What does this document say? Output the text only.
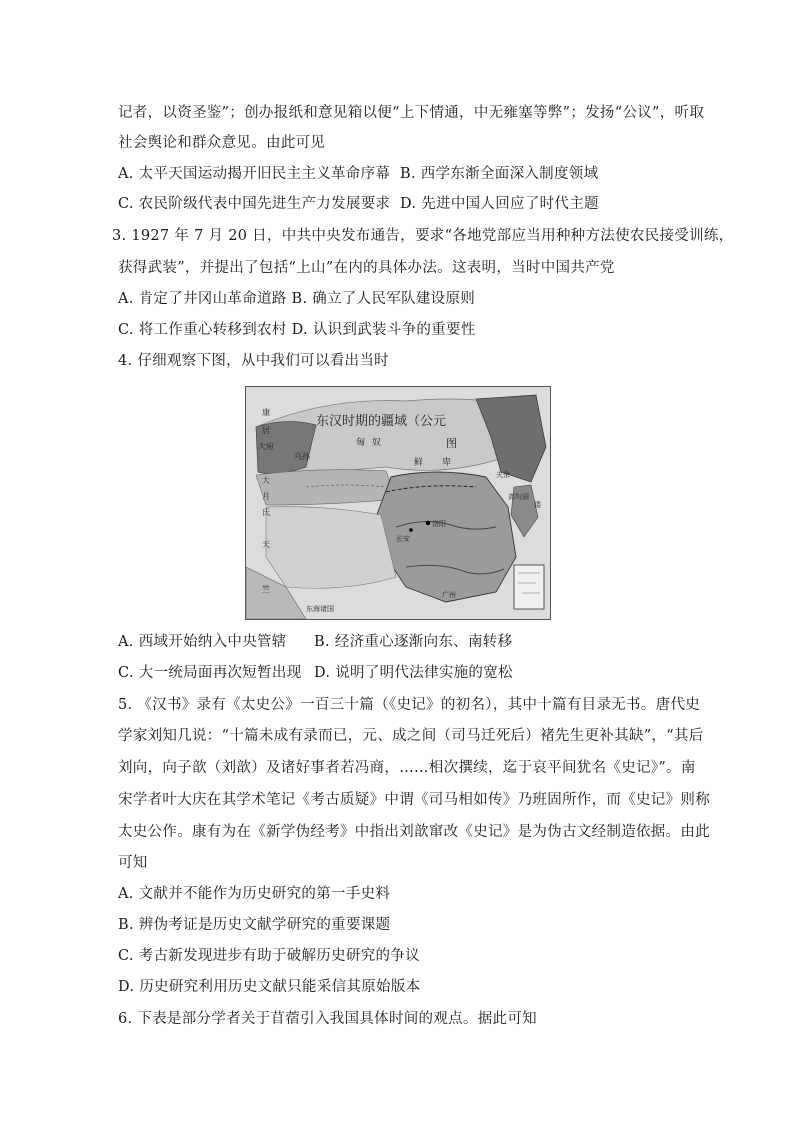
记者，以资圣鉴”；创办报纸和意见箱以便“上下情通，中无雍塞等弊”；发扬“公议”，听取
社会舆论和群众意见。由此可见
A. 太平天国运动揭开旧民主主义革命序幕 B. 西学东渐全面深入制度领域
C. 农民阶级代表中国先进生产力发展要求 D. 先进中国人回应了时代主题
3. 1927 年 7 月 20 日，中共中央发布通告，要求“各地党部应当用种种方法使农民接受训练，
获得武装”，并提出了包括“上山”在内的具体办法。这表明，当时中国共产党
A. 肯定了井冈山革命道路 B. 确立了人民军队建设原则
C. 将工作重心转移到农村 D. 认识到武装斗争的重要性
4. 仔细观察下图，从中我们可以看出当时
东汉时期的疆域（公元
图
康
居
大宛
大
月
氏
天
竺
乌孙
匈 奴
鲜 卑
洛阳
长安
夫余
高句丽
倭
东海诸国
广州
A. 西域开始纳入中央管辖 B. 经济重心逐渐向东、南转移
C. 大一统局面再次短暂出现 D. 说明了明代法律实施的宽松
5. 《汉书》录有《太史公》一百三十篇（《史记》的初名），其中十篇有目录无书。唐代史
学家刘知几说：“十篇未成有录而已，元、成之间（司马迁死后）褚先生更补其缺”，“其后
刘向，向子歆（刘歆）及诸好事者若冯商，……相次撰续，迄于哀平间犹名《史记》”。南
宋学者叶大庆在其学术笔记《考古质疑》中谓《司马相如传》乃班固所作，而《史记》则称
太史公作。康有为在《新学伪经考》中指出刘歆窜改《史记》是为伪古文经制造依据。由此
可知
A. 文献并不能作为历史研究的第一手史料
B. 辨伪考证是历史文献学研究的重要课题
C. 考古新发现进步有助于破解历史研究的争议
D. 历史研究利用历史文献只能采信其原始版本
6. 下表是部分学者关于苜蓿引入我国具体时间的观点。据此可知
